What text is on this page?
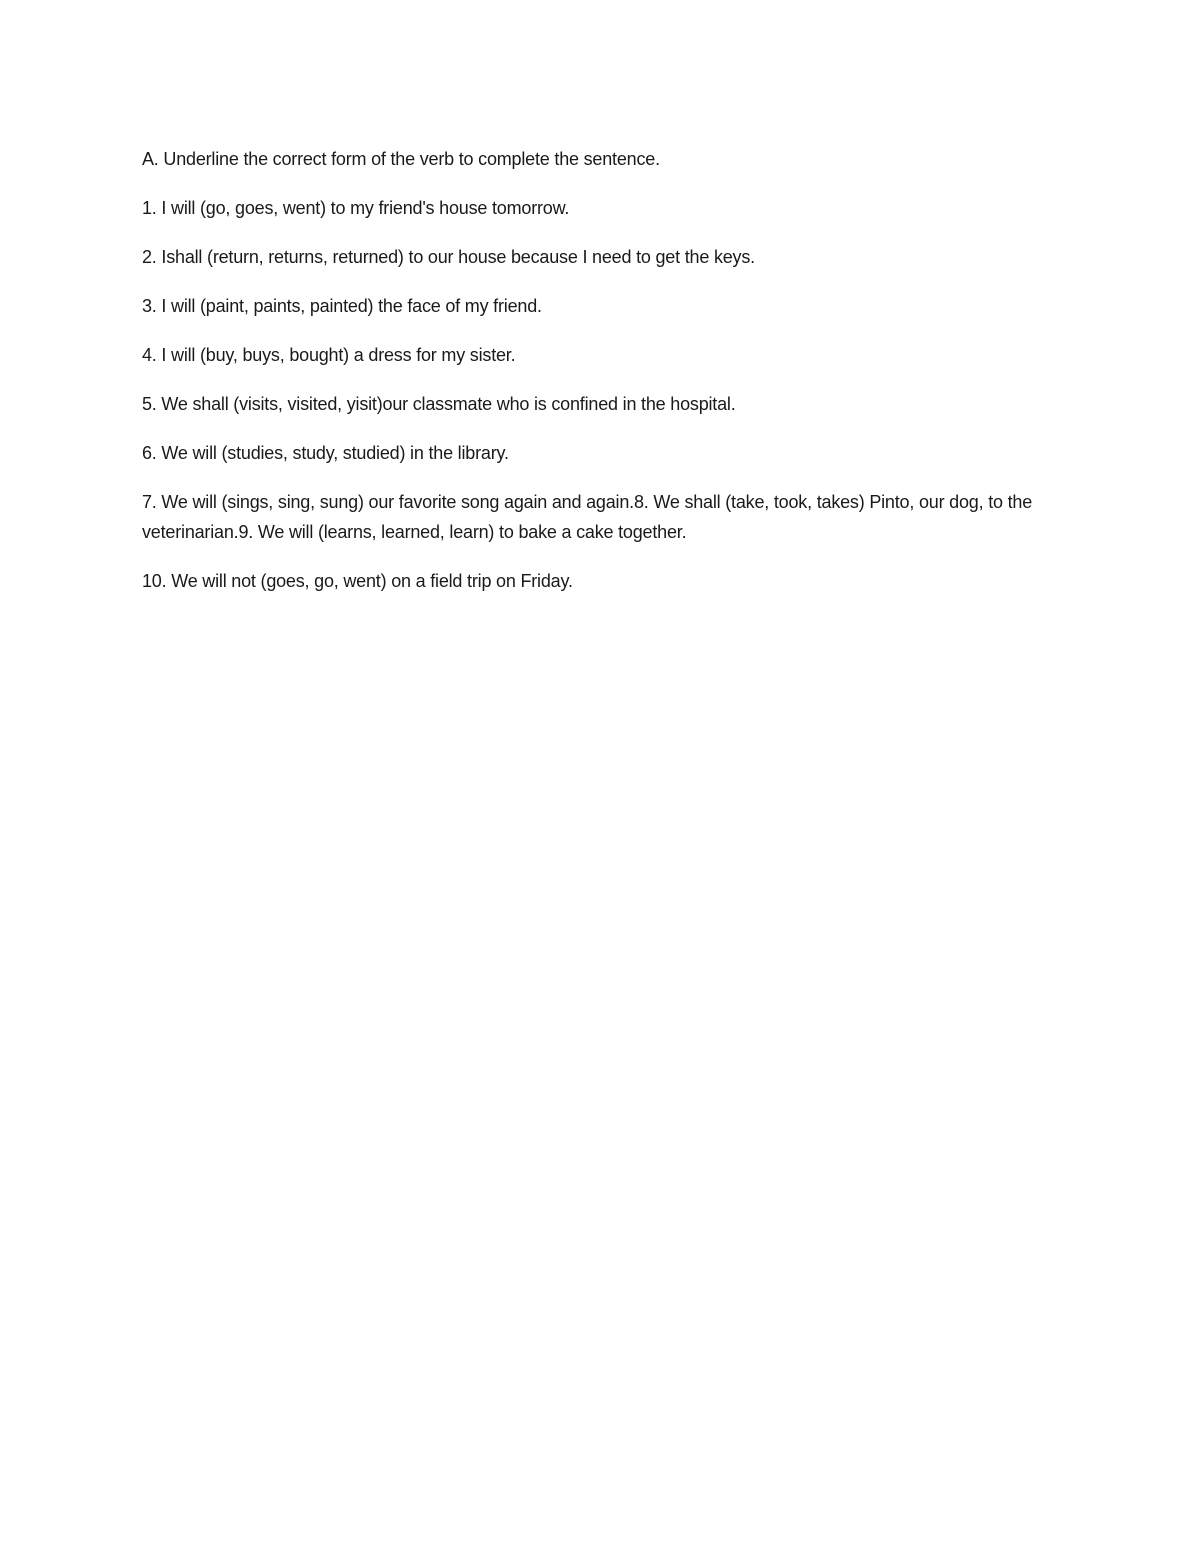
A. Underline the correct form of the verb to complete the sentence.

1. I will (go, goes, went) to my friend's house tomorrow.

2. Ishall (return, returns, returned) to our house because I need to get the keys.

3. I will (paint, paints, painted) the face of my friend.

4. I will (buy, buys, bought) a dress for my sister.

5. We shall (visits, visited, yisit)our classmate who is confined in the hospital.

6. We will (studies, study, studied) in the library.

7. We will (sings, sing, sung) our favorite song again and again.8. We shall (take, took, takes) Pinto, our dog, to the veterinarian.9. We will (learns, learned, learn) to bake a cake together.

10. We will not (goes, go, went) on a field trip on Friday.
